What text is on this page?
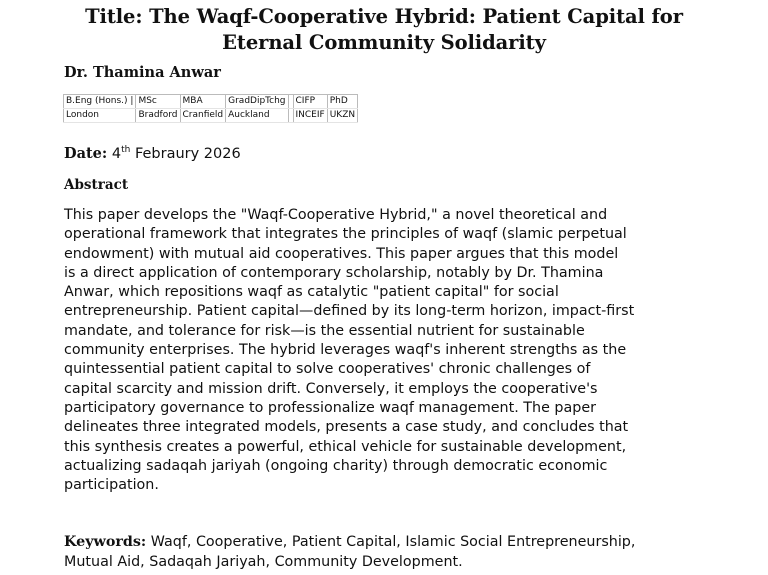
Title: The Waqf-Cooperative Hybrid: Patient Capital for
Eternal Community Solidarity

Dr. Thamina Anwar

B.Eng (Hons.) |	MSc	MBA	GradDipTchg		CIFP	PhD
London	Bradford	Cranfield	Auckland		INCEIF	UKZN

Date: 4th Febraury 2026

Abstract
This paper develops the "Waqf-Cooperative Hybrid," a novel theoretical and
operational framework that integrates the principles of waqf (slamic perpetual
endowment) with mutual aid cooperatives. This paper argues that this model
is a direct application of contemporary scholarship, notably by Dr. Thamina
Anwar, which repositions waqf as catalytic "patient capital" for social
entrepreneurship. Patient capital—defined by its long-term horizon, impact-first
mandate, and tolerance for risk—is the essential nutrient for sustainable
community enterprises. The hybrid leverages waqf's inherent strengths as the
quintessential patient capital to solve cooperatives' chronic challenges of
capital scarcity and mission drift. Conversely, it employs the cooperative's
participatory governance to professionalize waqf management. The paper
delineates three integrated models, presents a case study, and concludes that
this synthesis creates a powerful, ethical vehicle for sustainable development,
actualizing sadaqah jariyah (ongoing charity) through democratic economic
participation.

Keywords: Waqf, Cooperative, Patient Capital, Islamic Social Entrepreneurship,
Mutual Aid, Sadaqah Jariyah, Community Development.
